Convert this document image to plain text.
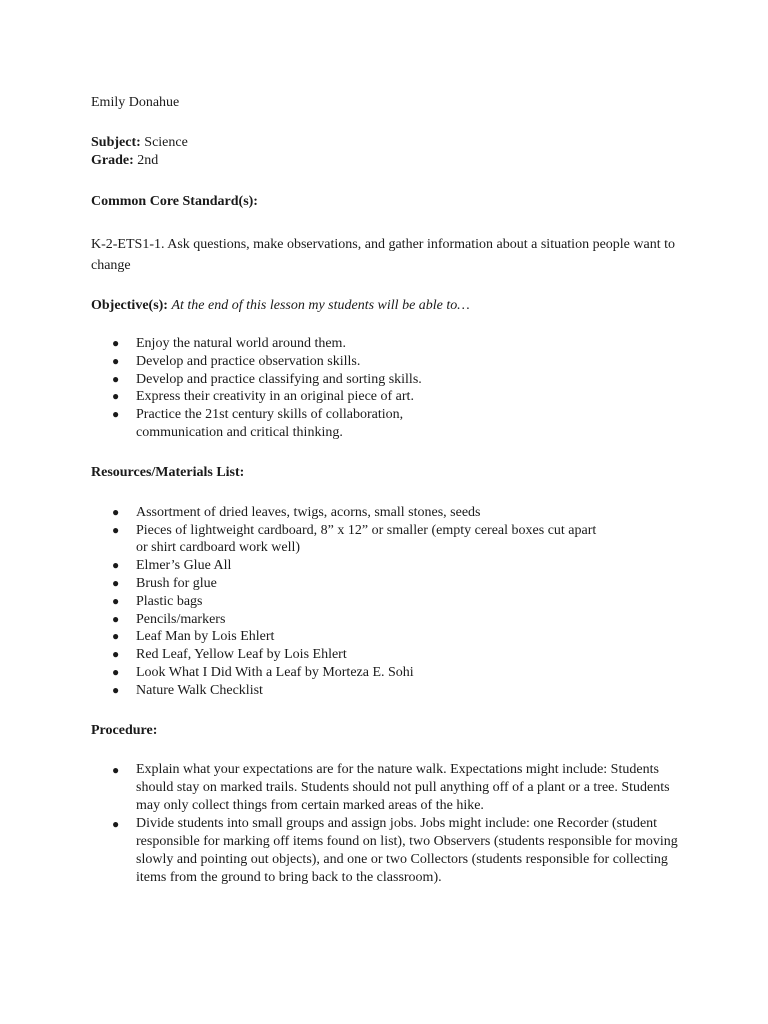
Emily Donahue

Subject: Science

Grade: 2nd

Common Core Standard(s):

K-2-ETS1-1. Ask questions, make observations, and gather information about a situation people want to change

Objective(s): At the end of this lesson my students will be able to…

● Enjoy the natural world around them.
● Develop and practice observation skills.
● Develop and practice classifying and sorting skills.
● Express their creativity in an original piece of art.
● Practice the 21st century skills of collaboration, communication and critical thinking.

Resources/Materials List:

● Assortment of dried leaves, twigs, acorns, small stones, seeds
● Pieces of lightweight cardboard, 8” x 12” or smaller (empty cereal boxes cut apart or shirt cardboard work well)
● Elmer’s Glue All
● Brush for glue
● Plastic bags
● Pencils/markers
● Leaf Man by Lois Ehlert
● Red Leaf, Yellow Leaf by Lois Ehlert
● Look What I Did With a Leaf by Morteza E. Sohi
● Nature Walk Checklist

Procedure:

● Explain what your expectations are for the nature walk. Expectations might include: Students should stay on marked trails. Students should not pull anything off of a plant or a tree. Students may only collect things from certain marked areas of the hike.
● Divide students into small groups and assign jobs. Jobs might include: one Recorder (student responsible for marking off items found on list), two Observers (students responsible for moving slowly and pointing out objects), and one or two Collectors (students responsible for collecting items from the ground to bring back to the classroom).
